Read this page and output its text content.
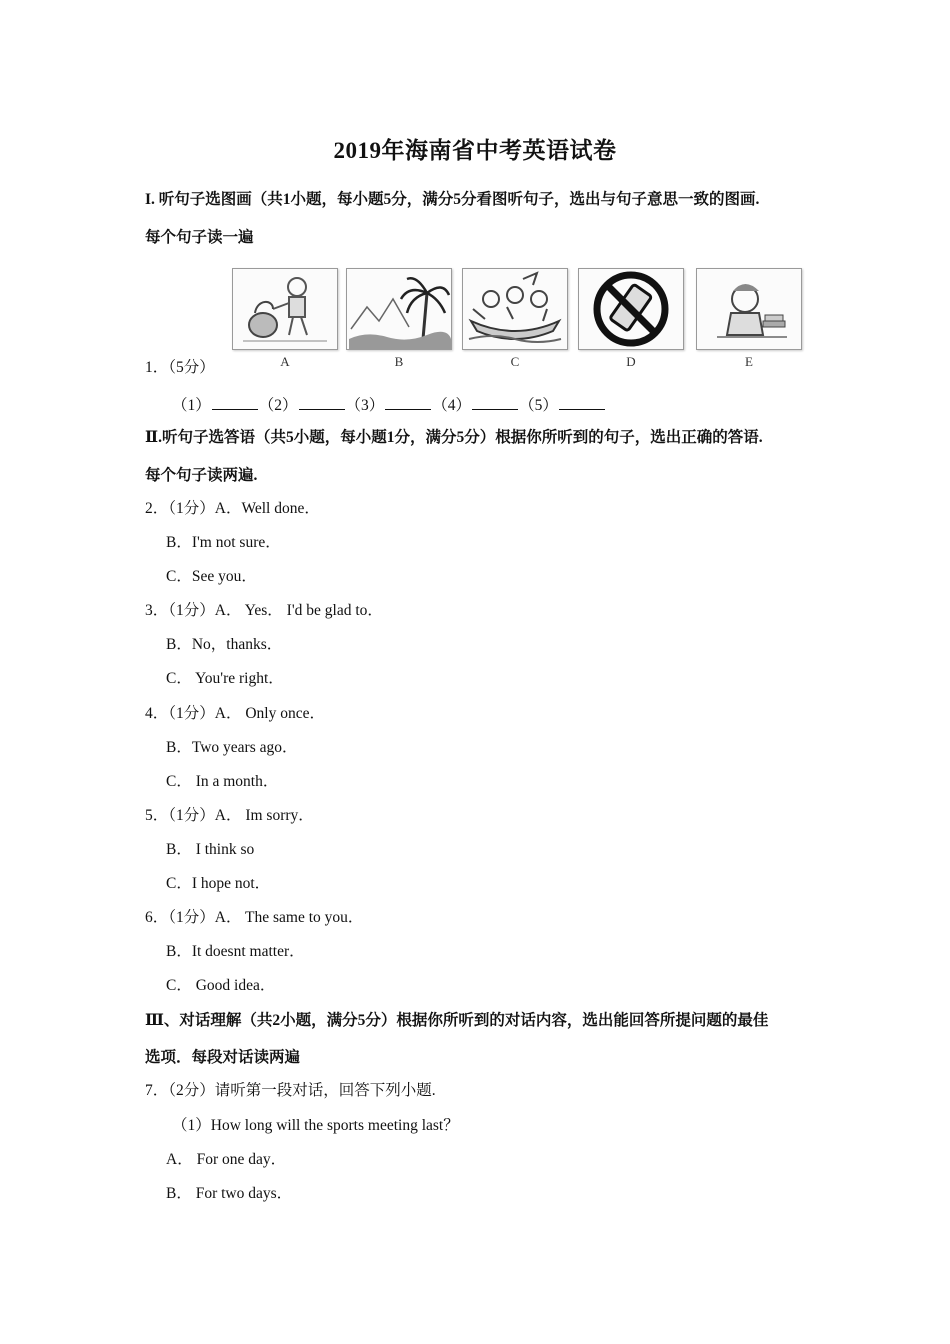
2019年海南省中考英语试卷
I. 听句子选图画（共1小题，每小题5分，满分5分看图听句子，选出与句子意思一致的图画.
每个句子读一遍
A	B	C	D	E
1．（5分）
（1）	（2）	（3）	（4）	（5）
Ⅱ.听句子选答语（共5小题，每小题1分，满分5分）根据你所听到的句子，选出正确的答语.
每个句子读两遍.
2．（1分）A．Well done．
B．I'm not sure．
C．See you．
3．（1分）A． Yes． I'd be glad to．
B．No，thanks．
C． You're right．
4．（1分）A． Only once．
B．Two years ago．
C． In a month．
5．（1分）A． Im sorry．
B． I think so
C．I hope not．
6．（1分）A． The same to you．
B．It doesnt matter．
C． Good idea．
Ⅲ、对话理解（共2小题，满分5分）根据你所听到的对话内容，选出能回答所提问题的最佳
选项．每段对话读两遍
7．（2分）请听第一段对话，回答下列小题.
（1）How long will the sports meeting last？
A． For one day．
B． For two days．
